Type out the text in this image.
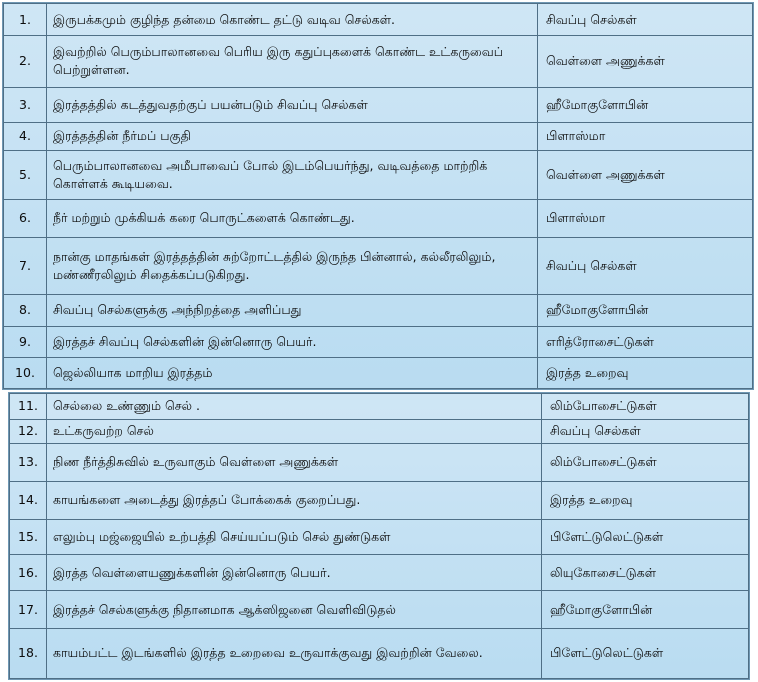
1.	இருபக்கமும் குழிந்த தன்மை கொண்ட தட்டு வடிவ செல்கள்.	சிவப்பு செல்கள்
2.	இவற்றில் பெரும்பாலானவை பெரிய இரு கதுப்புகளைக் கொண்ட உட்கருவைப் பெற்றுள்ளன.	வெள்ளை அணுக்கள்
3.	இரத்தத்தில் கடத்துவதற்குப் பயன்படும் சிவப்பு செல்கள்	ஹீமோகுளோபின்
4.	இரத்தத்தின் நீர்மப் பகுதி	பிளாஸ்மா
5.	பெரும்பாலானவை அமீபாவைப் போல் இடம்பெயர்ந்து, வடிவத்தை மாற்றிக் கொள்ளக் கூடியவை.	வெள்ளை அணுக்கள்
6.	நீர் மற்றும் முக்கியக் கரை பொருட்களைக் கொண்டது.	பிளாஸ்மா
7.	நான்கு மாதங்கள் இரத்தத்தின் சுற்றோட்டத்தில் இருந்த பின்னால், கல்லீரலிலும், மண்ணீரலிலும் சிதைக்கப்படுகிறது.	சிவப்பு செல்கள்
8.	சிவப்பு செல்களுக்கு அந்நிறத்தை அளிப்பது	ஹீமோகுளோபின்
9.	இரத்தச் சிவப்பு செல்களின் இன்னொரு பெயர்.	எரித்ரோசைட்டுகள்
10.	ஜெல்லியாக மாறிய இரத்தம்	இரத்த உறைவு
11.	செல்லை உண்ணும் செல் .	லிம்போசைட்டுகள்
12.	உட்கருவற்ற செல்	சிவப்பு செல்கள்
13.	நிண நீர்த்திசுவில் உருவாகும் வெள்ளை அணுக்கள்	லிம்போசைட்டுகள்
14.	காயங்களை அடைத்து இரத்தப் போக்கைக் குறைப்பது.	இரத்த உறைவு
15.	எலும்பு மஜ்ஜையில் உற்பத்தி செய்யப்படும் செல் துண்டுகள்	பிளேட்டுலெட்டுகள்
16.	இரத்த வெள்ளையணுக்களின் இன்னொரு பெயர்.	லியுகோசைட்டுகள்
17.	இரத்தச் செல்களுக்கு நிதானமாக ஆக்ஸிஜனை வெளிவிடுதல்	ஹீமோகுளோபின்
18.	காயம்பட்ட இடங்களில் இரத்த உறைவை உருவாக்குவது இவற்றின் வேலை.	பிளேட்டுலெட்டுகள்
